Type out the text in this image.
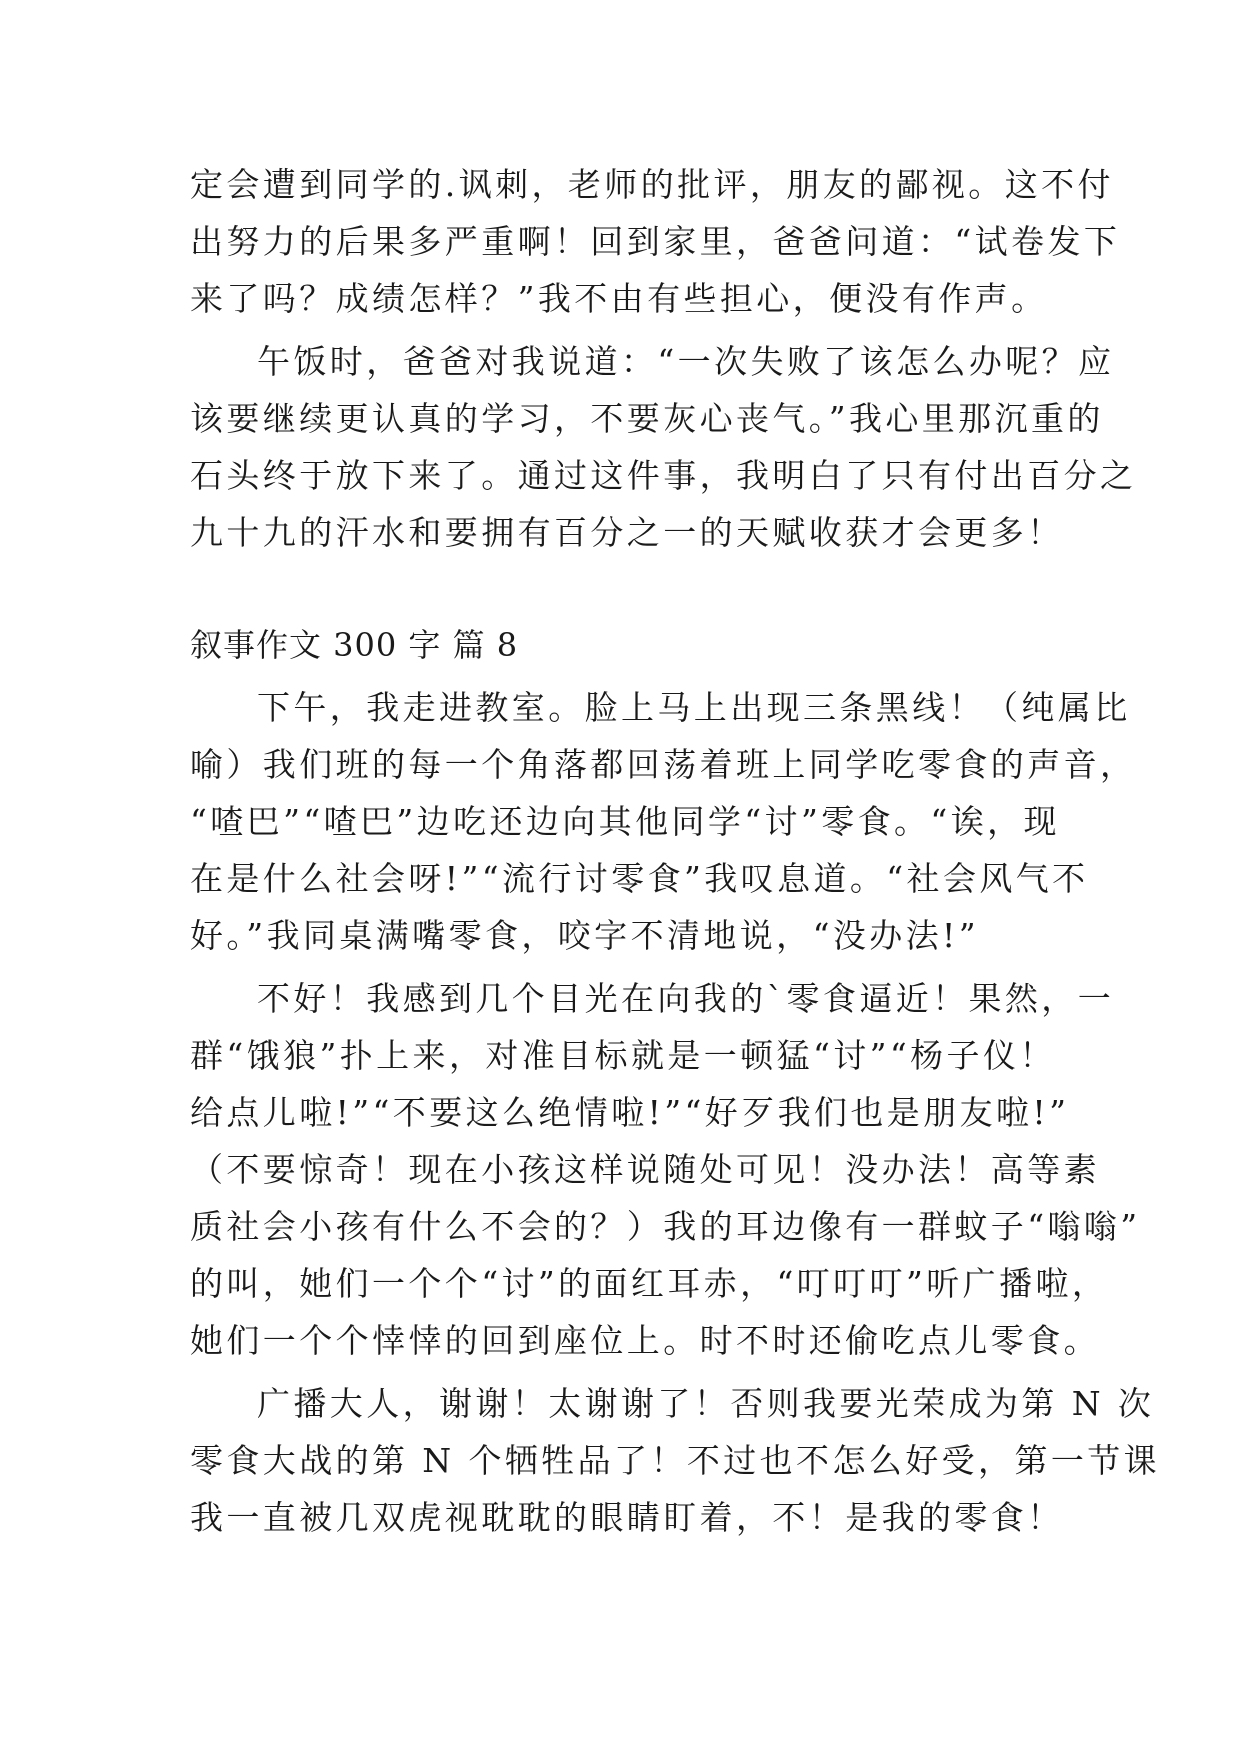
定会遭到同学的.讽刺，老师的批评，朋友的鄙视。这不付
出努力的后果多严重啊！回到家里，爸爸问道：“试卷发下
来了吗？成绩怎样？”我不由有些担心，便没有作声。
午饭时，爸爸对我说道：“一次失败了该怎么办呢？应
该要继续更认真的学习，不要灰心丧气。”我心里那沉重的
石头终于放下来了。通过这件事，我明白了只有付出百分之
九十九的汗水和要拥有百分之一的天赋收获才会更多！
叙事作文 300 字 篇 8
下午，我走进教室。脸上马上出现三条黑线！（纯属比
喻）我们班的每一个角落都回荡着班上同学吃零食的声音，
“喳巴”“喳巴”边吃还边向其他同学“讨”零食。“诶，现
在是什么社会呀!”“流行讨零食”我叹息道。“社会风气不
好。”我同桌满嘴零食，咬字不清地说，“没办法!”
不好！我感到几个目光在向我的`零食逼近！果然，一
群“饿狼”扑上来，对准目标就是一顿猛“讨”“杨子仪！
给点儿啦!”“不要这么绝情啦!”“好歹我们也是朋友啦!”
（不要惊奇！现在小孩这样说随处可见！没办法！高等素
质社会小孩有什么不会的？）我的耳边像有一群蚊子“嗡嗡”
的叫，她们一个个“讨”的面红耳赤，“叮叮叮”听广播啦，
她们一个个悻悻的回到座位上。时不时还偷吃点儿零食。
广播大人，谢谢！太谢谢了！否则我要光荣成为第 N 次
零食大战的第 N 个牺牲品了！不过也不怎么好受，第一节课
我一直被几双虎视耽耽的眼睛盯着，不！是我的零食！
